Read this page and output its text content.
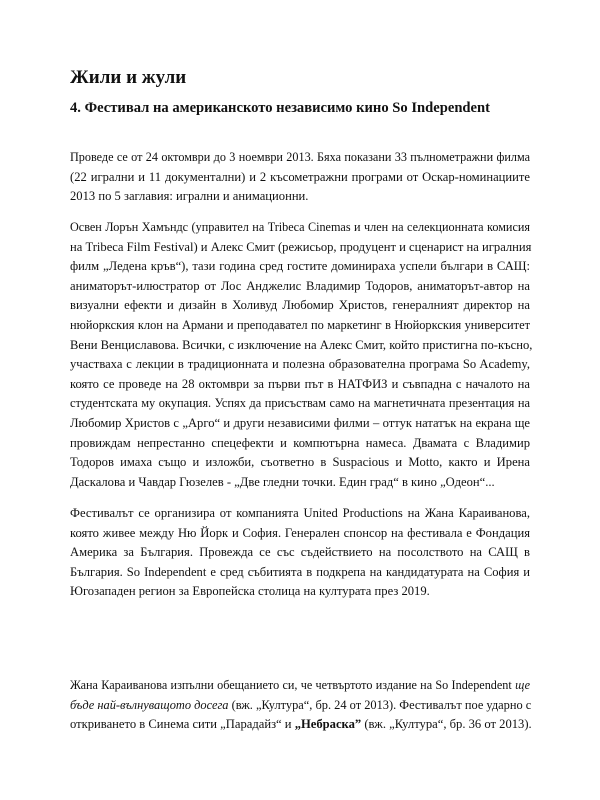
Жили и жули
4. Фестивал на американското независимо кино So Independent
Проведе се от 24 октомври до 3 ноември 2013. Бяха показани 33 пълнометражни филма
(22 игрални и 11 документални) и 2 късометражни програми от Оскар-номинациите
2013 по 5 заглавия: игрални и анимационни.
Освен Лорън Хамъндс (управител на Tribeca Cinemas и член на селекционната комисия
на Tribeca Film Festival) и Алекс Смит (режисьор, продуцент и сценарист на игралния
филм „Ледена кръв“), тази година сред гостите доминираха успели българи в САЩ:
аниматорът-илюстратор от Лос Анджелис Владимир Тодоров, аниматорът-автор на
визуални ефекти и дизайн в Холивуд Любомир Христов, генералният директор на
нюйоркския клон на Армани и преподавател по маркетинг в Нюйоркския университет
Вени Венциславова. Всички, с изключение на Алекс Смит, който пристигна по-късно,
участваха с лекции в традиционната и полезна образователна програма So Academy,
която се проведе на 28 октомври за първи път в НАТФИЗ и съвпадна с началото на
студентската му окупация. Успях да присъствам само на магнетичната презентация на
Любомир Христов с „Арго“ и други независими филми – оттук нататък на екрана ще
провиждам непрестанно спецефекти и компютърна намеса. Двамата с Владимир
Тодоров имаха също и изложби, съответно в Suspacious и Motto, както и Ирена
Даскалова и Чавдар Гюзелев - „Две гледни точки. Един град“ в кино „Одеон“...
Фестивалът се организира от компанията United Productions на Жана Караиванова,
която живее между Ню Йорк и София. Генерален спонсор на фестивала е Фондация
Америка за България. Провежда се със съдействието на посолството на САЩ в
България. So Independent е сред събитията в подкрепа на кандидатурата на София и
Югозападен регион за Европейска столица на културата през 2019.
Жана Караиванова изпълни обещанието си, че четвъртото издание на So Independent ще
бъде най-вълнуващото досега (вж. „Култура“, бр. 24 от 2013). Фестивалът пое ударно с
откриването в Синема сити „Парадайз“ и „Небраска” (вж. „Култура“, бр. 36 от 2013).
